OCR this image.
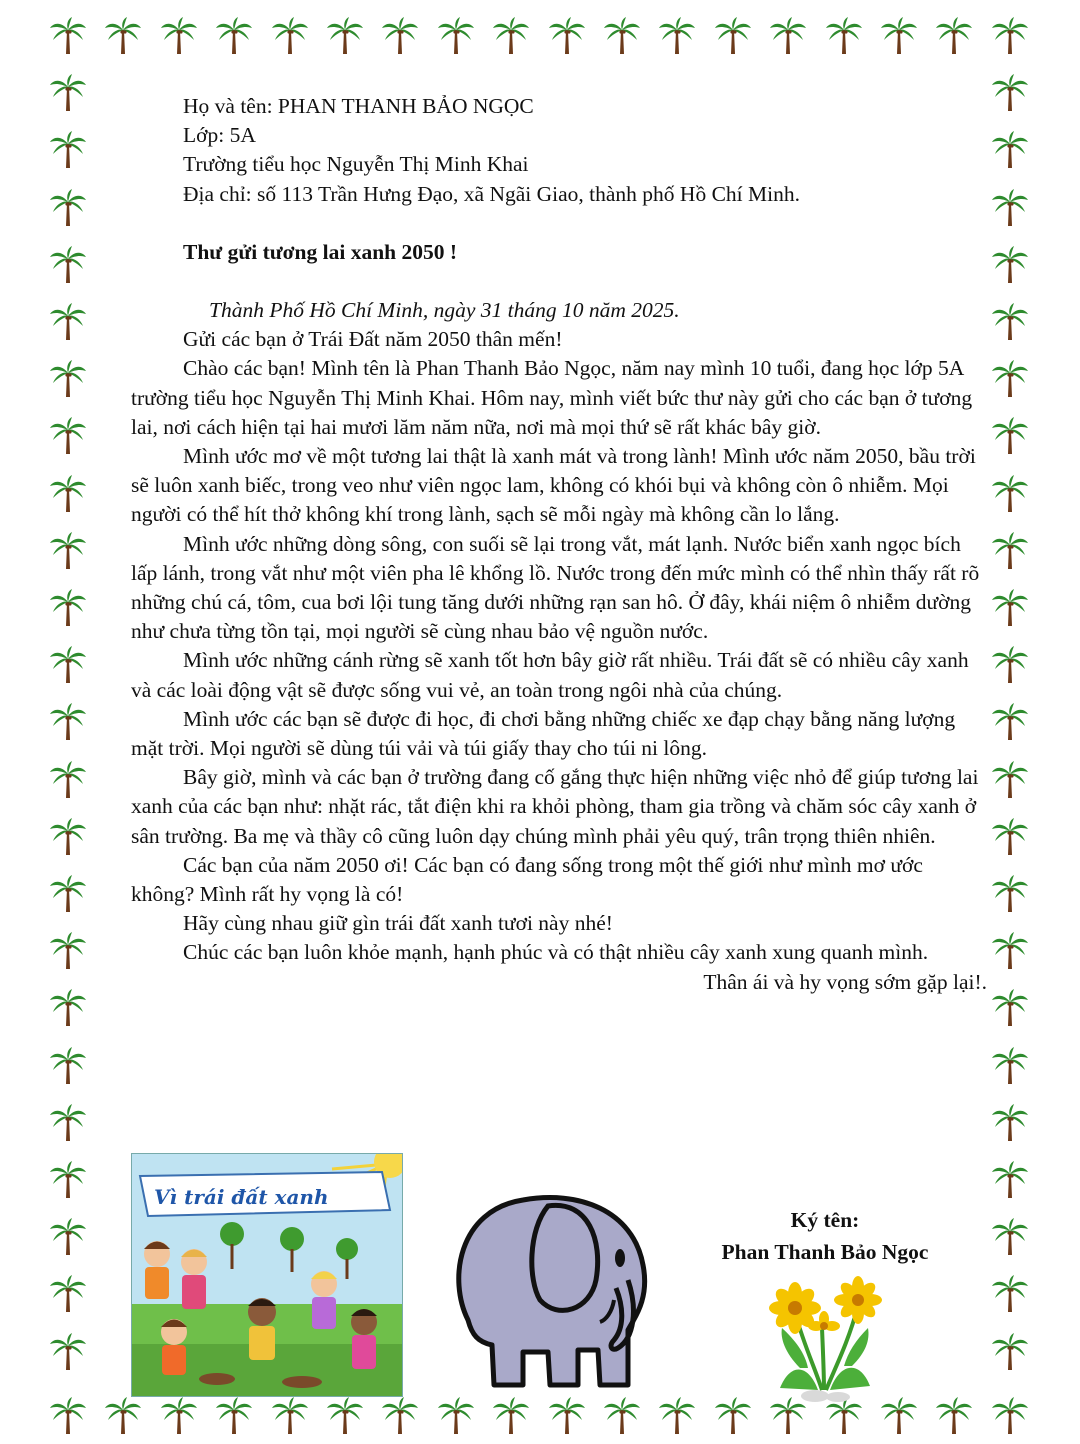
Họ và tên: PHAN THANH BẢO NGỌC

Lớp: 5A

Trường tiểu học Nguyễn Thị Minh Khai

Địa chỉ: số 113 Trần Hưng Đạo, xã Ngãi Giao, thành phố Hồ Chí Minh.

Thư gửi tương lai xanh 2050 !

Thành Phố Hồ Chí Minh, ngày 31 tháng 10 năm 2025.

Gửi các bạn ở Trái Đất năm 2050 thân mến!

Chào các bạn! Mình tên là Phan Thanh Bảo Ngọc, năm nay mình 10 tuổi, đang học lớp 5A trường tiểu học Nguyễn Thị Minh Khai. Hôm nay, mình viết bức thư này gửi cho các bạn ở tương lai, nơi cách hiện tại hai mươi lăm năm nữa, nơi mà mọi thứ sẽ rất khác bây giờ.

Mình ước mơ về một tương lai thật là xanh mát và trong lành! Mình ước năm 2050, bầu trời sẽ luôn xanh biếc, trong veo như viên ngọc lam, không có khói bụi và không còn ô nhiễm. Mọi người có thể hít thở không khí trong lành, sạch sẽ mỗi ngày mà không cần lo lắng.

Mình ước những dòng sông, con suối sẽ lại trong vắt, mát lạnh. Nước biển xanh ngọc bích lấp lánh, trong vắt như một viên pha lê khổng lồ. Nước trong đến mức mình có thể nhìn thấy rất rõ những chú cá, tôm, cua bơi lội tung tăng dưới những rạn san hô. Ở đây, khái niệm ô nhiễm dường như chưa từng tồn tại, mọi người sẽ cùng nhau bảo vệ nguồn nước.

Mình ước những cánh rừng sẽ xanh tốt hơn bây giờ rất nhiều. Trái đất sẽ có nhiều cây xanh và các loài động vật sẽ được sống vui vẻ, an toàn trong ngôi nhà của chúng.

Mình ước các bạn sẽ được đi học, đi chơi bằng những chiếc xe đạp chạy bằng năng lượng mặt trời. Mọi người sẽ dùng túi vải và túi giấy thay cho túi ni lông.

Bây giờ, mình và các bạn ở trường đang cố gắng thực hiện những việc nhỏ để giúp tương lai xanh của các bạn như: nhặt rác, tắt điện khi ra khỏi phòng, tham gia trồng và chăm sóc cây xanh ở sân trường. Ba mẹ và thầy cô cũng luôn dạy chúng mình phải yêu quý, trân trọng thiên nhiên.

Các bạn của năm 2050 ơi! Các bạn có đang sống trong một thế giới như mình mơ ước không? Mình rất hy vọng là có!

Hãy cùng nhau giữ gìn trái đất xanh tươi này nhé!

Chúc các bạn luôn khỏe mạnh, hạnh phúc và có thật nhiều cây xanh xung quanh mình.

Thân ái và hy vọng sớm gặp lại!.

Ký tên:
Phan Thanh Bảo Ngọc
Vì trái đất xanh
